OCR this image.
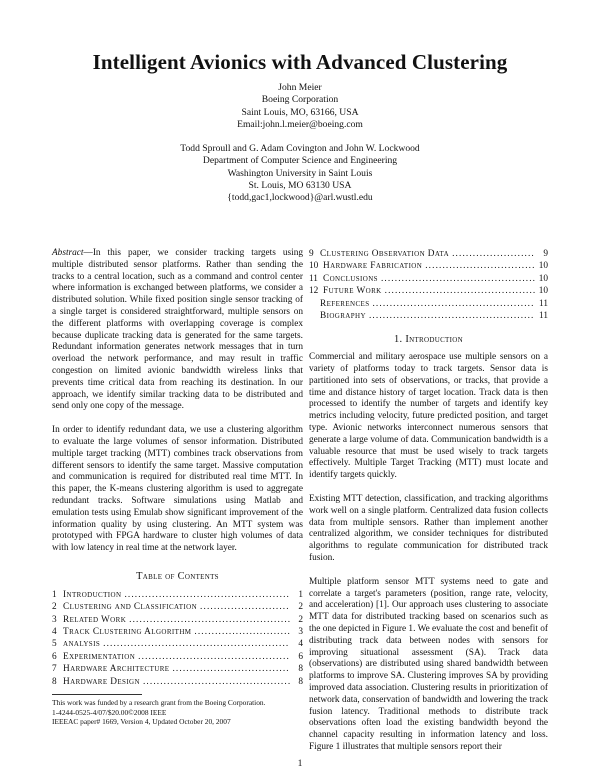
Intelligent Avionics with Advanced Clustering
John Meier
Boeing Corporation
Saint Louis, MO, 63166, USA
Email:john.l.meier@boeing.com
Todd Sproull and G. Adam Covington and John W. Lockwood
Department of Computer Science and Engineering
Washington University in Saint Louis
St. Louis, MO 63130 USA
{todd,gac1,lockwood}@arl.wustl.edu

Abstract—In this paper, we consider tracking targets using multiple distributed sensor platforms. Rather than sending the tracks to a central location, such as a command and control center where information is exchanged between platforms, we consider a distributed solution. While fixed position single sensor tracking of a single target is considered straightforward, multiple sensors on the different platforms with overlapping coverage is complex because duplicate tracking data is generated for the same targets. Redundant information generates network messages that in turn overload the network performance, and may result in traffic congestion on limited avionic bandwidth wireless links that prevents time critical data from reaching its destination. In our approach, we identify similar tracking data to be distributed and send only one copy of the message.

In order to identify redundant data, we use a clustering algorithm to evaluate the large volumes of sensor information. Distributed multiple target tracking (MTT) combines track observations from different sensors to identify the same target. Massive computation and communication is required for distributed real time MTT. In this paper, the K-means clustering algorithm is used to aggregate redundant tracks. Software simulations using Matlab and emulation tests using Emulab show significant improvement of the information quality by using clustering. An MTT system was prototyped with FPGA hardware to cluster high volumes of data with low latency in real time at the network layer.

Table of Contents
1 Introduction . . .	1
2 Clustering and Classification . . .	2
3 Related Work . . .	2
4 Track Clustering Algorithm . . .	3
5 analysis . . .	4
6 Experimentation . . .	6
7 Hardware Architecture . . .	8
8 Hardware Design . . .	8
This work was funded by a research grant from the Boeing Corporation.
1-4244-0525-4/07/$20.00©2008 IEEE
IEEEAC paper# 1669, Version 4, Updated October 20, 2007
9 Clustering Observation Data . . .	9
10 Hardware Fabrication . . .	10
11 Conclusions . . .	10
12 Future Work . . .	10
References . . .	11
Biography . . .	11
1. Introduction

Commercial and military aerospace use multiple sensors on a variety of platforms today to track targets. Sensor data is partitioned into sets of observations, or tracks, that provide a time and distance history of target location. Track data is then processed to identify the number of targets and identify key metrics including velocity, future predicted position, and target type. Avionic networks interconnect numerous sensors that generate a large volume of data. Communication bandwidth is a valuable resource that must be used wisely to track targets effectively. Multiple Target Tracking (MTT) must locate and identify targets quickly.

Existing MTT detection, classification, and tracking algorithms work well on a single platform. Centralized data fusion collects data from multiple sensors. Rather than implement another centralized algorithm, we consider techniques for distributed algorithms to regulate communication for distributed track fusion.

Multiple platform sensor MTT systems need to gate and correlate a target's parameters (position, range rate, velocity, and acceleration) [1]. Our approach uses clustering to associate MTT data for distributed tracking based on scenarios such as the one depicted in Figure 1. We evaluate the cost and benefit of distributing track data between nodes with sensors for improving situational assessment (SA). Track data (observations) are distributed using shared bandwidth between platforms to improve SA. Clustering improves SA by providing improved data association. Clustering results in prioritization of network data, conservation of bandwidth and lowering the track fusion latency. Traditional methods to distribute track observations often load the existing bandwidth beyond the channel capacity resulting in information latency and loss. Figure 1 illustrates that multiple sensors report their

1
